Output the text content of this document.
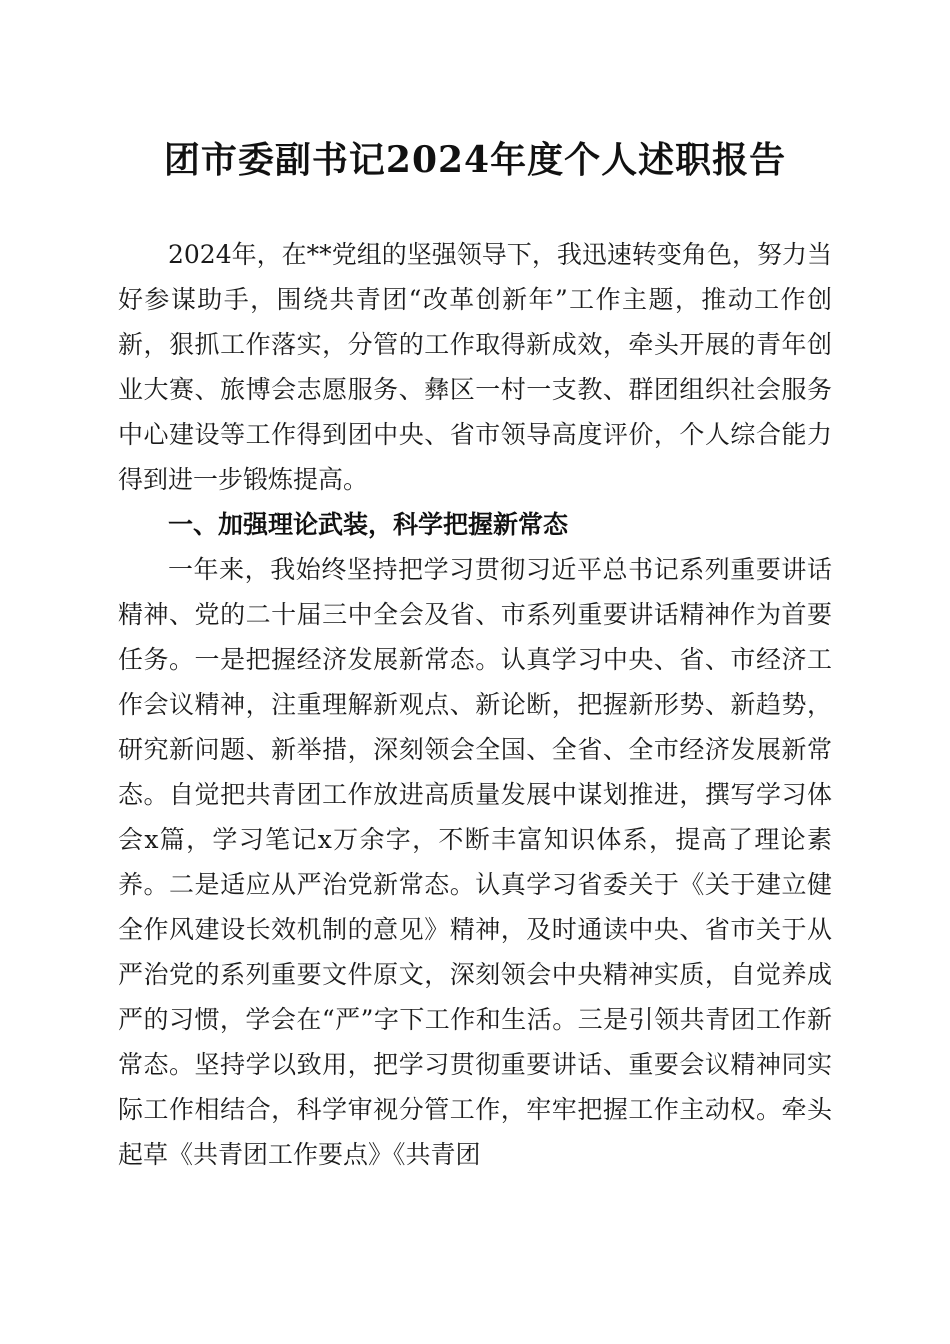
团市委副书记2024年度个人述职报告

2024年，在**党组的坚强领导下，我迅速转变角色，努力当好参谋助手，围绕共青团“改革创新年”工作主题，推动工作创新，狠抓工作落实，分管的工作取得新成效，牵头开展的青年创业大赛、旅博会志愿服务、彝区一村一支教、群团组织社会服务中心建设等工作得到团中央、省市领导高度评价，个人综合能力得到进一步锻炼提高。

一、加强理论武装，科学把握新常态

一年来，我始终坚持把学习贯彻习近平总书记系列重要讲话精神、党的二十届三中全会及省、市系列重要讲话精神作为首要任务。一是把握经济发展新常态。认真学习中央、省、市经济工作会议精神，注重理解新观点、新论断，把握新形势、新趋势，研究新问题、新举措，深刻领会全国、全省、全市经济发展新常态。自觉把共青团工作放进高质量发展中谋划推进，撰写学习体会x篇，学习笔记x万余字，不断丰富知识体系，提高了理论素养。二是适应从严治党新常态。认真学习省委关于《关于建立健全作风建设长效机制的意见》精神，及时通读中央、省市关于从严治党的系列重要文件原文，深刻领会中央精神实质，自觉养成严的习惯，学会在“严”字下工作和生活。三是引领共青团工作新常态。坚持学以致用，把学习贯彻重要讲话、重要会议精神同实际工作相结合，科学审视分管工作，牢牢把握工作主动权。牵头起草《共青团工作要点》《共青团
